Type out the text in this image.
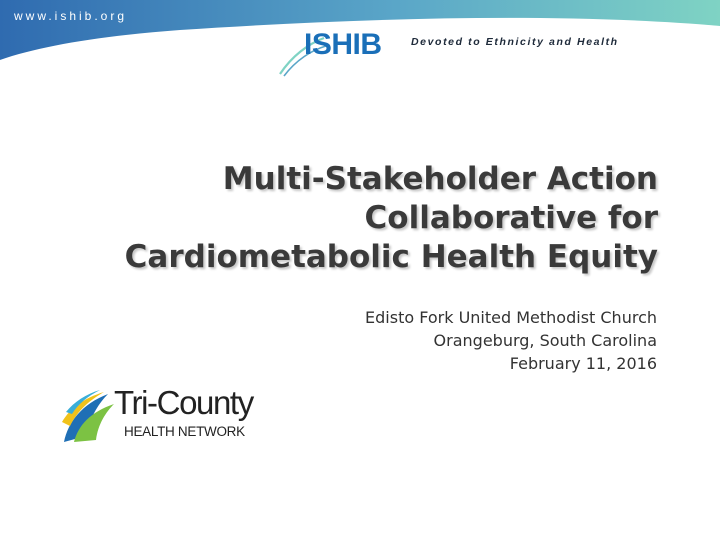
www.ishib.org
ISHIB	Devoted to Ethnicity and Health
Multi-Stakeholder Action
Collaborative for
Cardiometabolic Health Equity
Edisto Fork United Methodist Church
Orangeburg, South Carolina
February 11, 2016
Tri-County
HEALTH NETWORK
